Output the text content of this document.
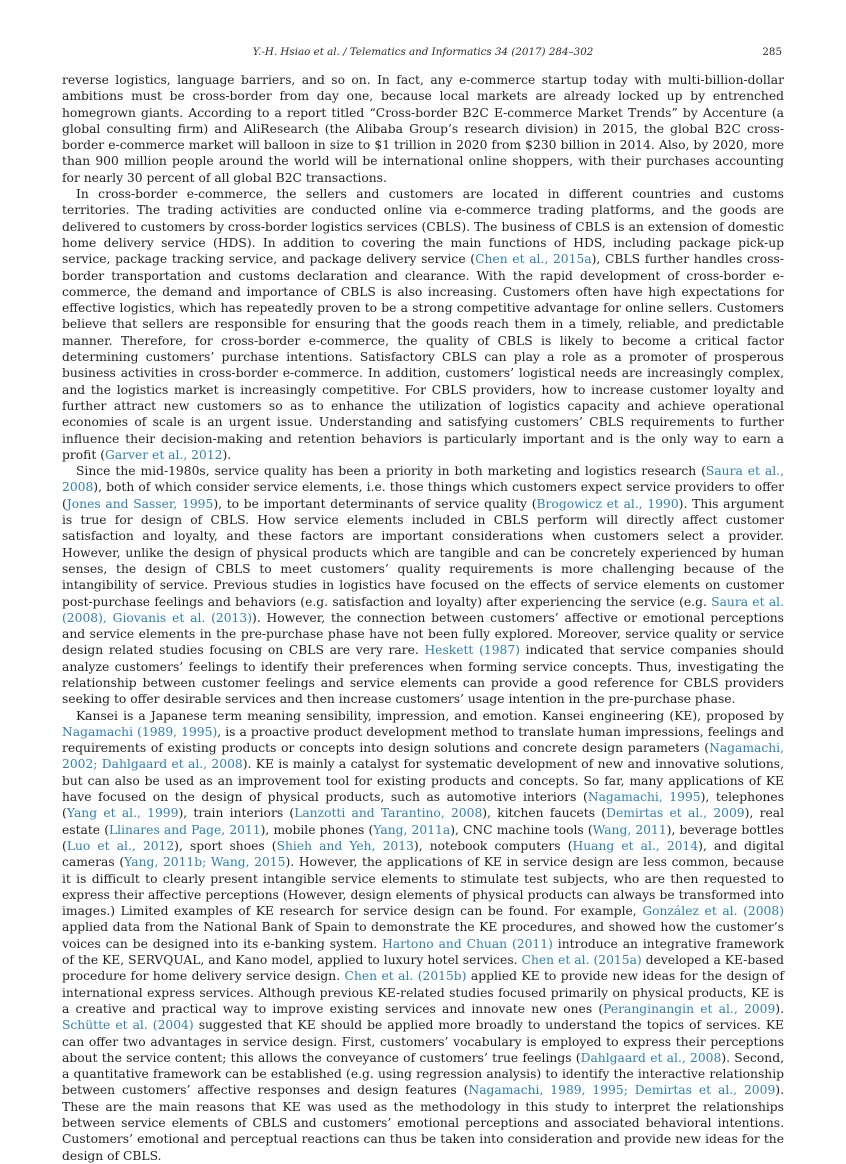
Y.-H. Hsiao et al. / Telematics and Informatics 34 (2017) 284–302	285

reverse logistics, language barriers, and so on. In fact, any e-commerce startup today with multi-billion-dollar ambitions must be cross-border from day one, because local markets are already locked up by entrenched homegrown giants. According to a report titled “Cross-border B2C E-commerce Market Trends” by Accenture (a global consulting firm) and AliResearch (the Alibaba Group’s research division) in 2015, the global B2C cross-border e-commerce market will balloon in size to $1 trillion in 2020 from $230 billion in 2014. Also, by 2020, more than 900 million people around the world will be international online shoppers, with their purchases accounting for nearly 30 percent of all global B2C transactions.

In cross-border e-commerce, the sellers and customers are located in different countries and customs territories. The trading activities are conducted online via e-commerce trading platforms, and the goods are delivered to customers by cross-border logistics services (CBLS). The business of CBLS is an extension of domestic home delivery service (HDS). In addition to covering the main functions of HDS, including package pick-up service, package tracking service, and package delivery service (Chen et al., 2015a), CBLS further handles cross-border transportation and customs declaration and clearance. With the rapid development of cross-border e-commerce, the demand and importance of CBLS is also increasing. Customers often have high expectations for effective logistics, which has repeatedly proven to be a strong competitive advantage for online sellers. Customers believe that sellers are responsible for ensuring that the goods reach them in a timely, reliable, and predictable manner. Therefore, for cross-border e-commerce, the quality of CBLS is likely to become a critical factor determining customers’ purchase intentions. Satisfactory CBLS can play a role as a promoter of prosperous business activities in cross-border e-commerce. In addition, customers’ logistical needs are increasingly complex, and the logistics market is increasingly competitive. For CBLS providers, how to increase customer loyalty and further attract new customers so as to enhance the utilization of logistics capacity and achieve operational economies of scale is an urgent issue. Understanding and satisfying customers’ CBLS requirements to further influence their decision-making and retention behaviors is particularly important and is the only way to earn a profit (Garver et al., 2012).

Since the mid-1980s, service quality has been a priority in both marketing and logistics research (Saura et al., 2008), both of which consider service elements, i.e. those things which customers expect service providers to offer (Jones and Sasser, 1995), to be important determinants of service quality (Brogowicz et al., 1990). This argument is true for design of CBLS. How service elements included in CBLS perform will directly affect customer satisfaction and loyalty, and these factors are important considerations when customers select a provider. However, unlike the design of physical products which are tangible and can be concretely experienced by human senses, the design of CBLS to meet customers’ quality requirements is more challenging because of the intangibility of service. Previous studies in logistics have focused on the effects of service elements on customer post-purchase feelings and behaviors (e.g. satisfaction and loyalty) after experiencing the service (e.g. Saura et al. (2008), Giovanis et al. (2013)). However, the connection between customers’ affective or emotional perceptions and service elements in the pre-purchase phase have not been fully explored. Moreover, service quality or service design related studies focusing on CBLS are very rare. Heskett (1987) indicated that service companies should analyze customers’ feelings to identify their preferences when forming service concepts. Thus, investigating the relationship between customer feelings and service elements can provide a good reference for CBLS providers seeking to offer desirable services and then increase customers’ usage intention in the pre-purchase phase.

Kansei is a Japanese term meaning sensibility, impression, and emotion. Kansei engineering (KE), proposed by Nagamachi (1989, 1995), is a proactive product development method to translate human impressions, feelings and requirements of existing products or concepts into design solutions and concrete design parameters (Nagamachi, 2002; Dahlgaard et al., 2008). KE is mainly a catalyst for systematic development of new and innovative solutions, but can also be used as an improvement tool for existing products and concepts. So far, many applications of KE have focused on the design of physical products, such as automotive interiors (Nagamachi, 1995), telephones (Yang et al., 1999), train interiors (Lanzotti and Tarantino, 2008), kitchen faucets (Demirtas et al., 2009), real estate (Llinares and Page, 2011), mobile phones (Yang, 2011a), CNC machine tools (Wang, 2011), beverage bottles (Luo et al., 2012), sport shoes (Shieh and Yeh, 2013), notebook computers (Huang et al., 2014), and digital cameras (Yang, 2011b; Wang, 2015). However, the applications of KE in service design are less common, because it is difficult to clearly present intangible service elements to stimulate test subjects, who are then requested to express their affective perceptions (However, design elements of physical products can always be transformed into images.) Limited examples of KE research for service design can be found. For example, González et al. (2008) applied data from the National Bank of Spain to demonstrate the KE procedures, and showed how the customer’s voices can be designed into its e-banking system. Hartono and Chuan (2011) introduce an integrative framework of the KE, SERVQUAL, and Kano model, applied to luxury hotel services. Chen et al. (2015a) developed a KE-based procedure for home delivery service design. Chen et al. (2015b) applied KE to provide new ideas for the design of international express services. Although previous KE-related studies focused primarily on physical products, KE is a creative and practical way to improve existing services and innovate new ones (Peranginangin et al., 2009). Schütte et al. (2004) suggested that KE should be applied more broadly to understand the topics of services. KE can offer two advantages in service design. First, customers’ vocabulary is employed to express their perceptions about the service content; this allows the conveyance of customers’ true feelings (Dahlgaard et al., 2008). Second, a quantitative framework can be established (e.g. using regression analysis) to identify the interactive relationship between customers’ affective responses and design features (Nagamachi, 1989, 1995; Demirtas et al., 2009). These are the main reasons that KE was used as the methodology in this study to interpret the relationships between service elements of CBLS and customers’ emotional perceptions and associated behavioral intentions. Customers’ emotional and perceptual reactions can thus be taken into consideration and provide new ideas for the design of CBLS.
